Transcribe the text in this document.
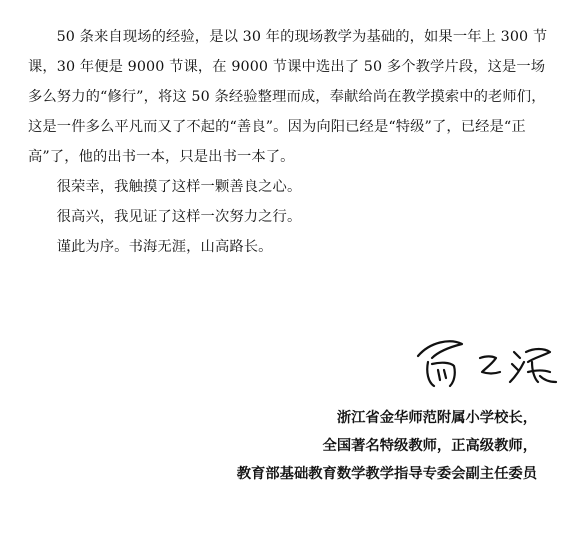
50 条来自现场的经验，是以 30 年的现场教学为基础的，如果一年上 300 节课，30 年便是 9000 节课，在 9000 节课中选出了 50 多个教学片段，这是一场多么努力的“修行”，将这 50 条经验整理而成，奉献给尚在教学摸索中的老师们，这是一件多么平凡而又了不起的“善良”。因为向阳已经是“特级”了，已经是“正高”了，他的出书一本，只是出书一本了。

很荣幸，我触摸了这样一颗善良之心。

很高兴，我见证了这样一次努力之行。

谨此为序。书海无涯，山高路长。

浙江省金华师范附属小学校长，
全国著名特级教师，正高级教师，
教育部基础教育数学教学指导专委会副主任委员
